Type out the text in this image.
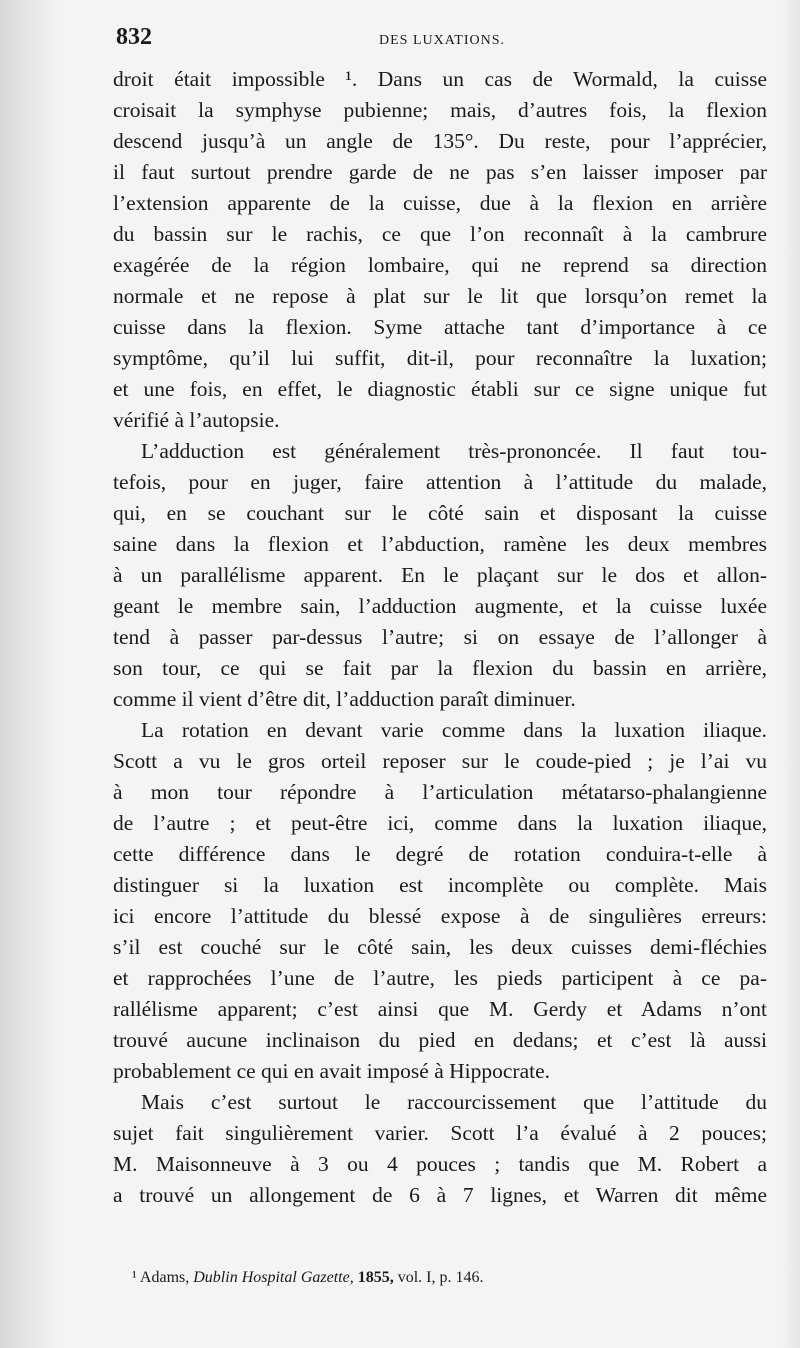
832	DES LUXATIONS.
droit était impossible ¹. Dans un cas de Wormald, la cuisse
croisait la symphyse pubienne; mais, d’autres fois, la flexion
descend jusqu’à un angle de 135°. Du reste, pour l’apprécier,
il faut surtout prendre garde de ne pas s’en laisser imposer par
l’extension apparente de la cuisse, due à la flexion en arrière
du bassin sur le rachis, ce que l’on reconnaît à la cambrure
exagérée de la région lombaire, qui ne reprend sa direction
normale et ne repose à plat sur le lit que lorsqu’on remet la
cuisse dans la flexion. Syme attache tant d’importance à ce
symptôme, qu’il lui suffit, dit-il, pour reconnaître la luxation;
et une fois, en effet, le diagnostic établi sur ce signe unique fut
vérifié à l’autopsie.
L’adduction est généralement très-prononcée. Il faut tou-
tefois, pour en juger, faire attention à l’attitude du malade,
qui, en se couchant sur le côté sain et disposant la cuisse
saine dans la flexion et l’abduction, ramène les deux membres
à un parallélisme apparent. En le plaçant sur le dos et allon-
geant le membre sain, l’adduction augmente, et la cuisse luxée
tend à passer par-dessus l’autre; si on essaye de l’allonger à
son tour, ce qui se fait par la flexion du bassin en arrière,
comme il vient d’être dit, l’adduction paraît diminuer.
La rotation en devant varie comme dans la luxation iliaque.
Scott a vu le gros orteil reposer sur le coude-pied ; je l’ai vu
à mon tour répondre à l’articulation métatarso-phalangienne
de l’autre ; et peut-être ici, comme dans la luxation iliaque,
cette différence dans le degré de rotation conduira-t-elle à
distinguer si la luxation est incomplète ou complète. Mais
ici encore l’attitude du blessé expose à de singulières erreurs:
s’il est couché sur le côté sain, les deux cuisses demi-fléchies
et rapprochées l’une de l’autre, les pieds participent à ce pa-
rallélisme apparent; c’est ainsi que M. Gerdy et Adams n’ont
trouvé aucune inclinaison du pied en dedans; et c’est là aussi
probablement ce qui en avait imposé à Hippocrate.
Mais c’est surtout le raccourcissement que l’attitude du
sujet fait singulièrement varier. Scott l’a évalué à 2 pouces;
M. Maisonneuve à 3 ou 4 pouces ; tandis que M. Robert a
a trouvé un allongement de 6 à 7 lignes, et Warren dit même
¹ Adams, Dublin Hospital Gazette, 1855, vol. I, p. 146.
